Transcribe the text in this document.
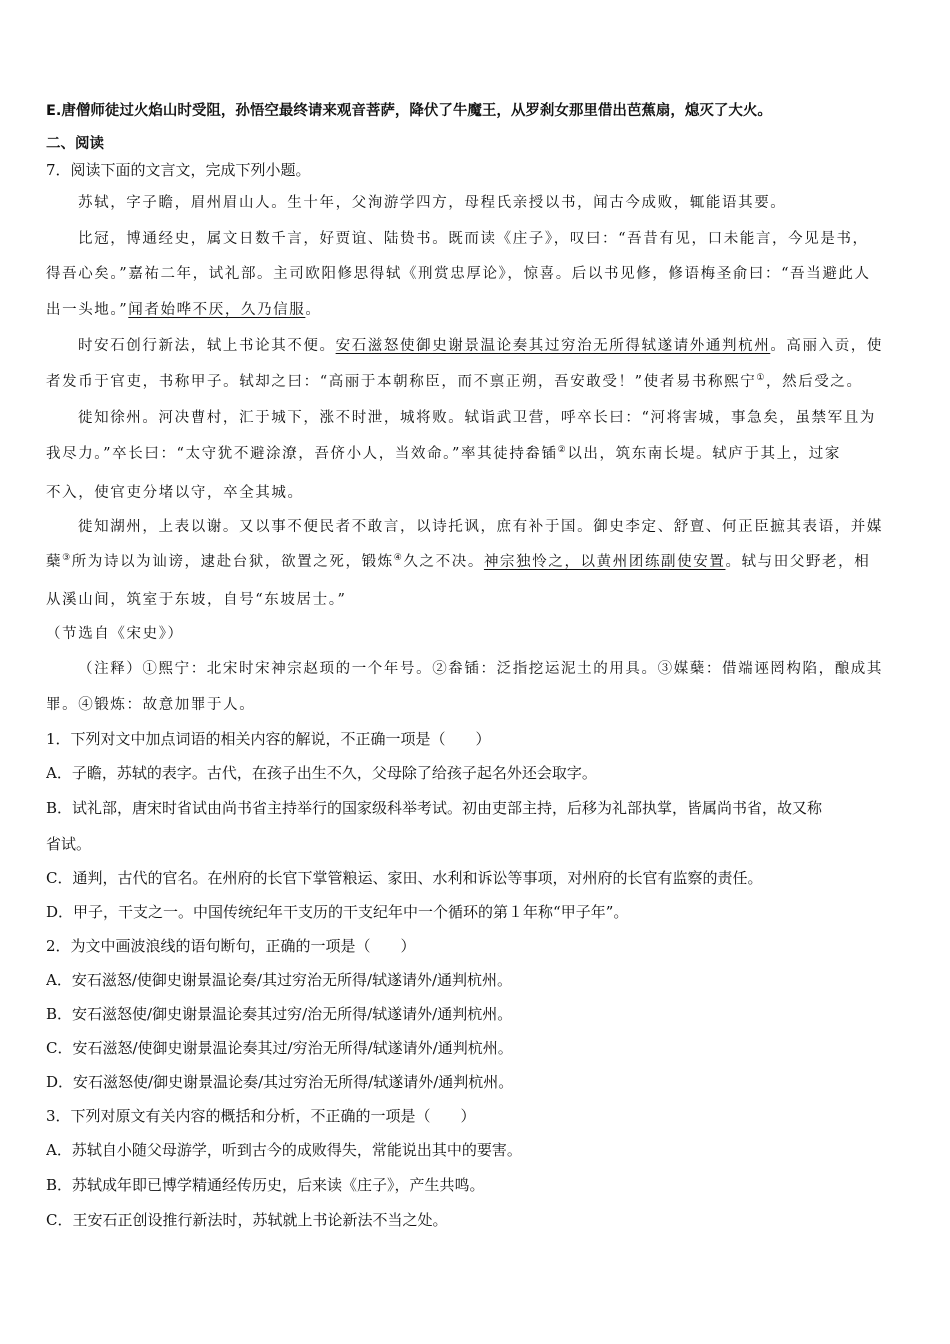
E.唐僧师徒过火焰山时受阻，孙悟空最终请来观音菩萨，降伏了牛魔王，从罗刹女那里借出芭蕉扇，熄灭了大火。
二、阅读
7．阅读下面的文言文，完成下列小题。
苏轼，字子瞻，眉州眉山人。生十年，父洵游学四方，母程氏亲授以书，闻古今成败，辄能语其要。
比冠，博通经史，属文日数千言，好贾谊、陆贽书。既而读《庄子》，叹曰：“吾昔有见，口未能言，今见是书，
得吾心矣。”嘉祐二年，试礼部。主司欧阳修思得轼《刑赏忠厚论》，惊喜。后以书见修，修语梅圣俞曰：“吾当避此人
出一头地。”闻者始哗不厌，久乃信服。
时安石创行新法，轼上书论其不便。安石滋怒使御史谢景温论奏其过穷治无所得轼遂请外通判杭州。高丽入贡，使
者发币于官吏，书称甲子。轼却之曰：“高丽于本朝称臣，而不禀正朔，吾安敢受！”使者易书称熙宁①，然后受之。
徙知徐州。河决曹村，汇于城下，涨不时泄，城将败。轼诣武卫营，呼卒长曰：“河将害城，事急矣，虽禁军且为
我尽力。”卒长曰：“太守犹不避涂潦，吾侪小人，当效命。”率其徒持畚锸②以出，筑东南长堤。轼庐于其上，过家
不入，使官吏分堵以守，卒全其城。
徙知湖州，上表以谢。又以事不便民者不敢言，以诗托讽，庶有补于国。御史李定、舒亶、何正臣摭其表语，并媒
蘖③所为诗以为讪谤，逮赴台狱，欲置之死，锻炼④久之不决。神宗独怜之，以黄州团练副使安置。轼与田父野老，相
从溪山间，筑室于东坡，自号“东坡居士。”
（节选自《宋史》）
（注释）①熙宁：北宋时宋神宗赵顼的一个年号。②畚锸：泛指挖运泥土的用具。③媒蘖：借端诬罔构陷，酿成其
罪。④锻炼：故意加罪于人。
1．下列对文中加点词语的相关内容的解说，不正确一项是（　　）
A．子瞻，苏轼的表字。古代，在孩子出生不久，父母除了给孩子起名外还会取字。
B．试礼部，唐宋时省试由尚书省主持举行的国家级科举考试。初由吏部主持，后移为礼部执掌，皆属尚书省，故又称
省试。
C．通判，古代的官名。在州府的长官下掌管粮运、家田、水利和诉讼等事项，对州府的长官有监察的责任。
D．甲子，干支之一。中国传统纪年干支历的干支纪年中一个循环的第１年称“甲子年”。
2．为文中画波浪线的语句断句，正确的一项是（　　）
A．安石滋怒/使御史谢景温论奏/其过穷治无所得/轼遂请外/通判杭州。
B．安石滋怒使/御史谢景温论奏其过穷/治无所得/轼遂请外/通判杭州。
C．安石滋怒/使御史谢景温论奏其过/穷治无所得/轼遂请外/通判杭州。
D．安石滋怒使/御史谢景温论奏/其过穷治无所得/轼遂请外/通判杭州。
3．下列对原文有关内容的概括和分析，不正确的一项是（　　）
A．苏轼自小随父母游学，听到古今的成败得失，常能说出其中的要害。
B．苏轼成年即已博学精通经传历史，后来读《庄子》，产生共鸣。
C．王安石正创设推行新法时，苏轼就上书论新法不当之处。
